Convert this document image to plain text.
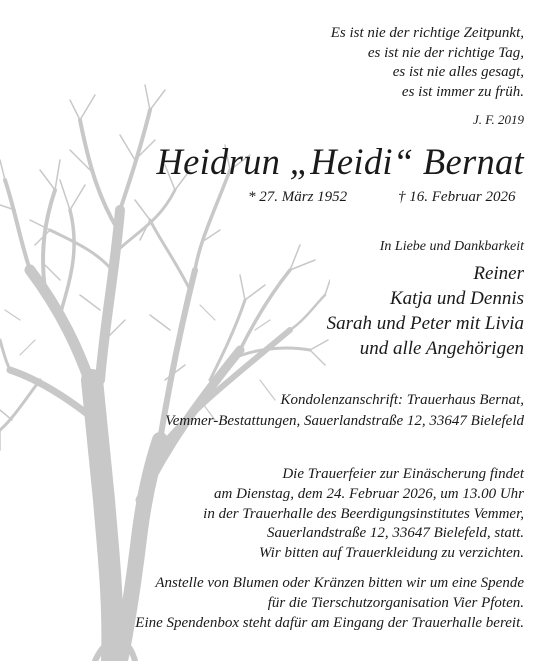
Es ist nie der richtige Zeitpunkt,
es ist nie der richtige Tag,
es ist nie alles gesagt,
es ist immer zu früh.
J. F. 2019
Heidrun „Heidi“ Bernat
* 27. März 1952	† 16. Februar 2026
In Liebe und Dankbarkeit
Reiner
Katja und Dennis
Sarah und Peter mit Livia
und alle Angehörigen
Kondolenzanschrift: Trauerhaus Bernat,
Vemmer-Bestattungen, Sauerlandstraße 12, 33647 Bielefeld
Die Trauerfeier zur Einäscherung findet
am Dienstag, dem 24. Februar 2026, um 13.00 Uhr
in der Trauerhalle des Beerdigungsinstitutes Vemmer,
Sauerlandstraße 12, 33647 Bielefeld, statt.
Wir bitten auf Trauerkleidung zu verzichten.
Anstelle von Blumen oder Kränzen bitten wir um eine Spende
für die Tierschutzorganisation Vier Pfoten.
Eine Spendenbox steht dafür am Eingang der Trauerhalle bereit.
